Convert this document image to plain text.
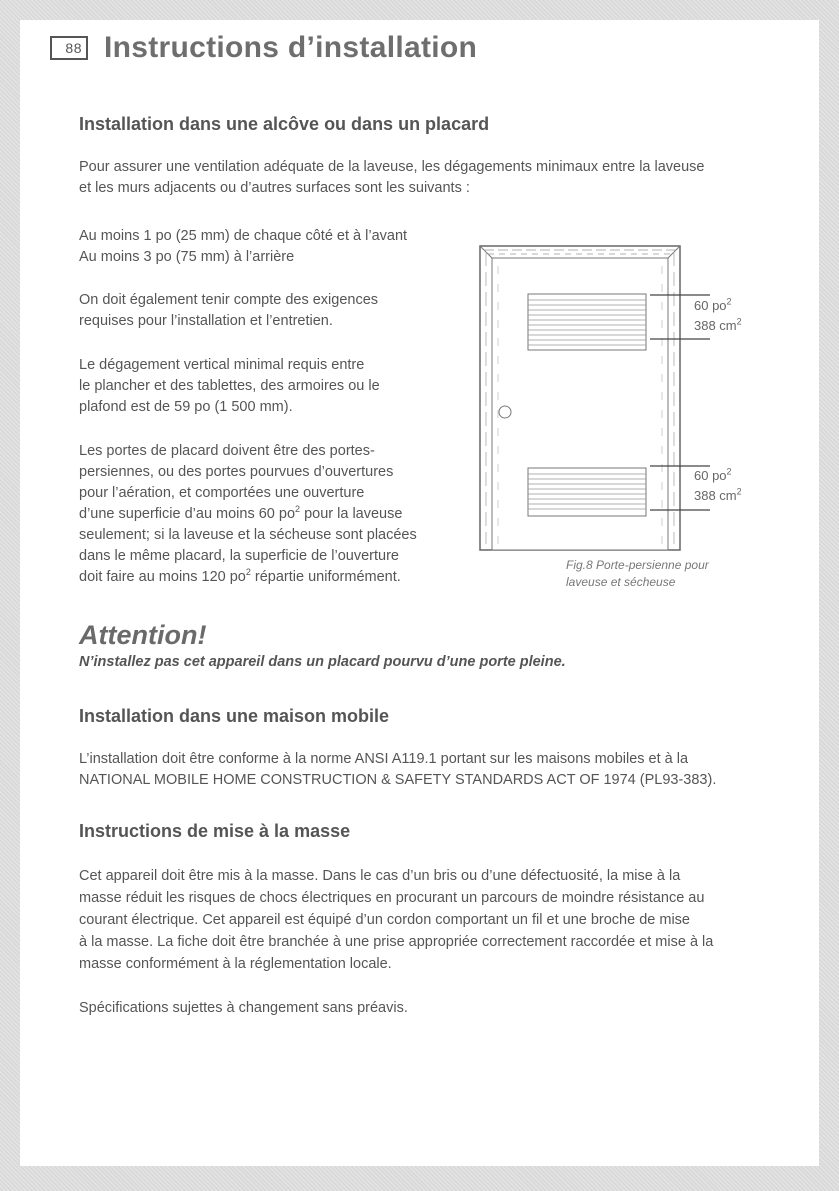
88 Instructions d’installation
Installation dans une alcôve ou dans un placard

Pour assurer une ventilation adéquate de la laveuse, les dégagements minimaux entre la laveuse

et les murs adjacents ou d’autres surfaces sont les suivants :

Au moins 1 po (25 mm) de chaque côté et à l’avant

Au moins 3 po (75 mm) à l’arrière

On doit également tenir compte des exigences

requises pour l’installation et l’entretien.

Le dégagement vertical minimal requis entre

le plancher et des tablettes, des armoires ou le

plafond est de 59 po (1 500 mm).

Les portes de placard doivent être des portes-

persiennes, ou des portes pourvues d’ouvertures

pour l’aération, et comportées une ouverture

d’une superficie d’au moins 60 $po^2$ pour la laveuse

seulement; si la laveuse et la sécheuse sont placées

dans le même placard, la superficie de l’ouverture

doit faire au moins 120 $po^2$ répartie uniformément.

60 $po^2$
388 $cm^2$
60 $po^2$
388 $cm^2$

Fig.8 Porte-persienne pour
laveuse et sécheuse

Attention!
N’installez pas cet appareil dans un placard pourvu d’une porte pleine.
Installation dans une maison mobile

L’installation doit être conforme à la norme ANSI A119.1 portant sur les maisons mobiles et à la

NATIONAL MOBILE HOME CONSTRUCTION & SAFETY STANDARDS ACT OF 1974 (PL93-383).

Instructions de mise à la masse

Cet appareil doit être mis à la masse. Dans le cas d’un bris ou d’une défectuosité, la mise à la

masse réduit les risques de chocs électriques en procurant un parcours de moindre résistance au

courant électrique. Cet appareil est équipé d’un cordon comportant un fil et une broche de mise

à la masse. La fiche doit être branchée à une prise appropriée correctement raccordée et mise à la

masse conformément à la réglementation locale.

Spécifications sujettes à changement sans préavis.
